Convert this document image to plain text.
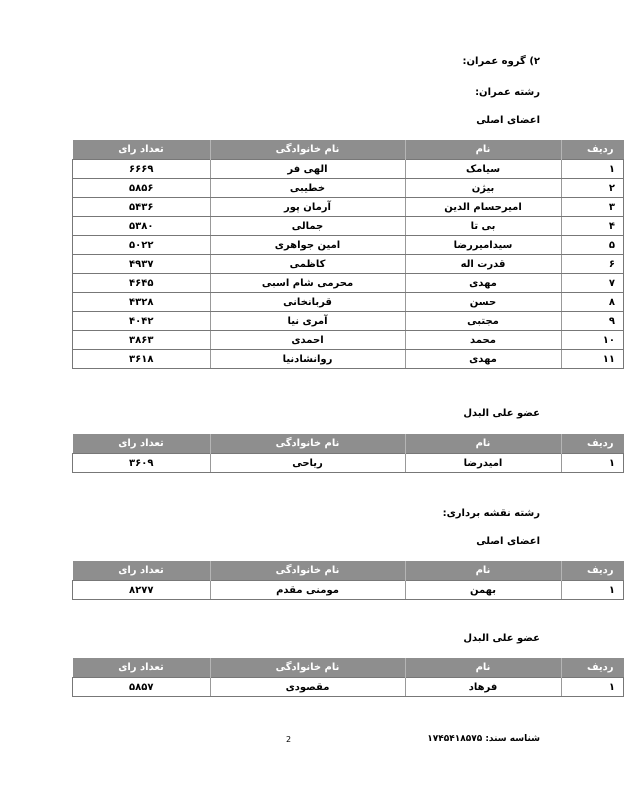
۲) گروه عمران:
رشته عمران:
اعضای اصلی
ردیف	نام	نام خانوادگی	تعداد رای
۱	سیامک	الهی فر	۶۶۶۹
۲	بیژن	خطیبی	۵۸۵۶
۳	امیرحسام الدین	آرمان پور	۵۴۳۶
۴	بی تا	جمالی	۵۳۸۰
۵	سیدامیررضا	امین جواهری	۵۰۲۲
۶	قدرت اله	کاظمی	۴۹۳۷
۷	مهدی	محرمی شام اسبی	۴۶۴۵
۸	حسن	قربانخانی	۴۳۲۸
۹	مجتبی	آمری نیا	۴۰۴۲
۱۰	محمد	احمدی	۳۸۶۳
۱۱	مهدی	روانشادنیا	۳۶۱۸
عضو علی البدل
ردیف	نام	نام خانوادگی	تعداد رای
۱	امیدرضا	ریاحی	۳۶۰۹
رشته نقشه برداری:
اعضای اصلی
ردیف	نام	نام خانوادگی	تعداد رای
۱	بهمن	مومنی مقدم	۸۲۷۷
عضو علی البدل
ردیف	نام	نام خانوادگی	تعداد رای
۱	فرهاد	مقصودی	۵۸۵۷
شناسه سند: ۱۷۴۵۴۱۸۵۷۵
2
